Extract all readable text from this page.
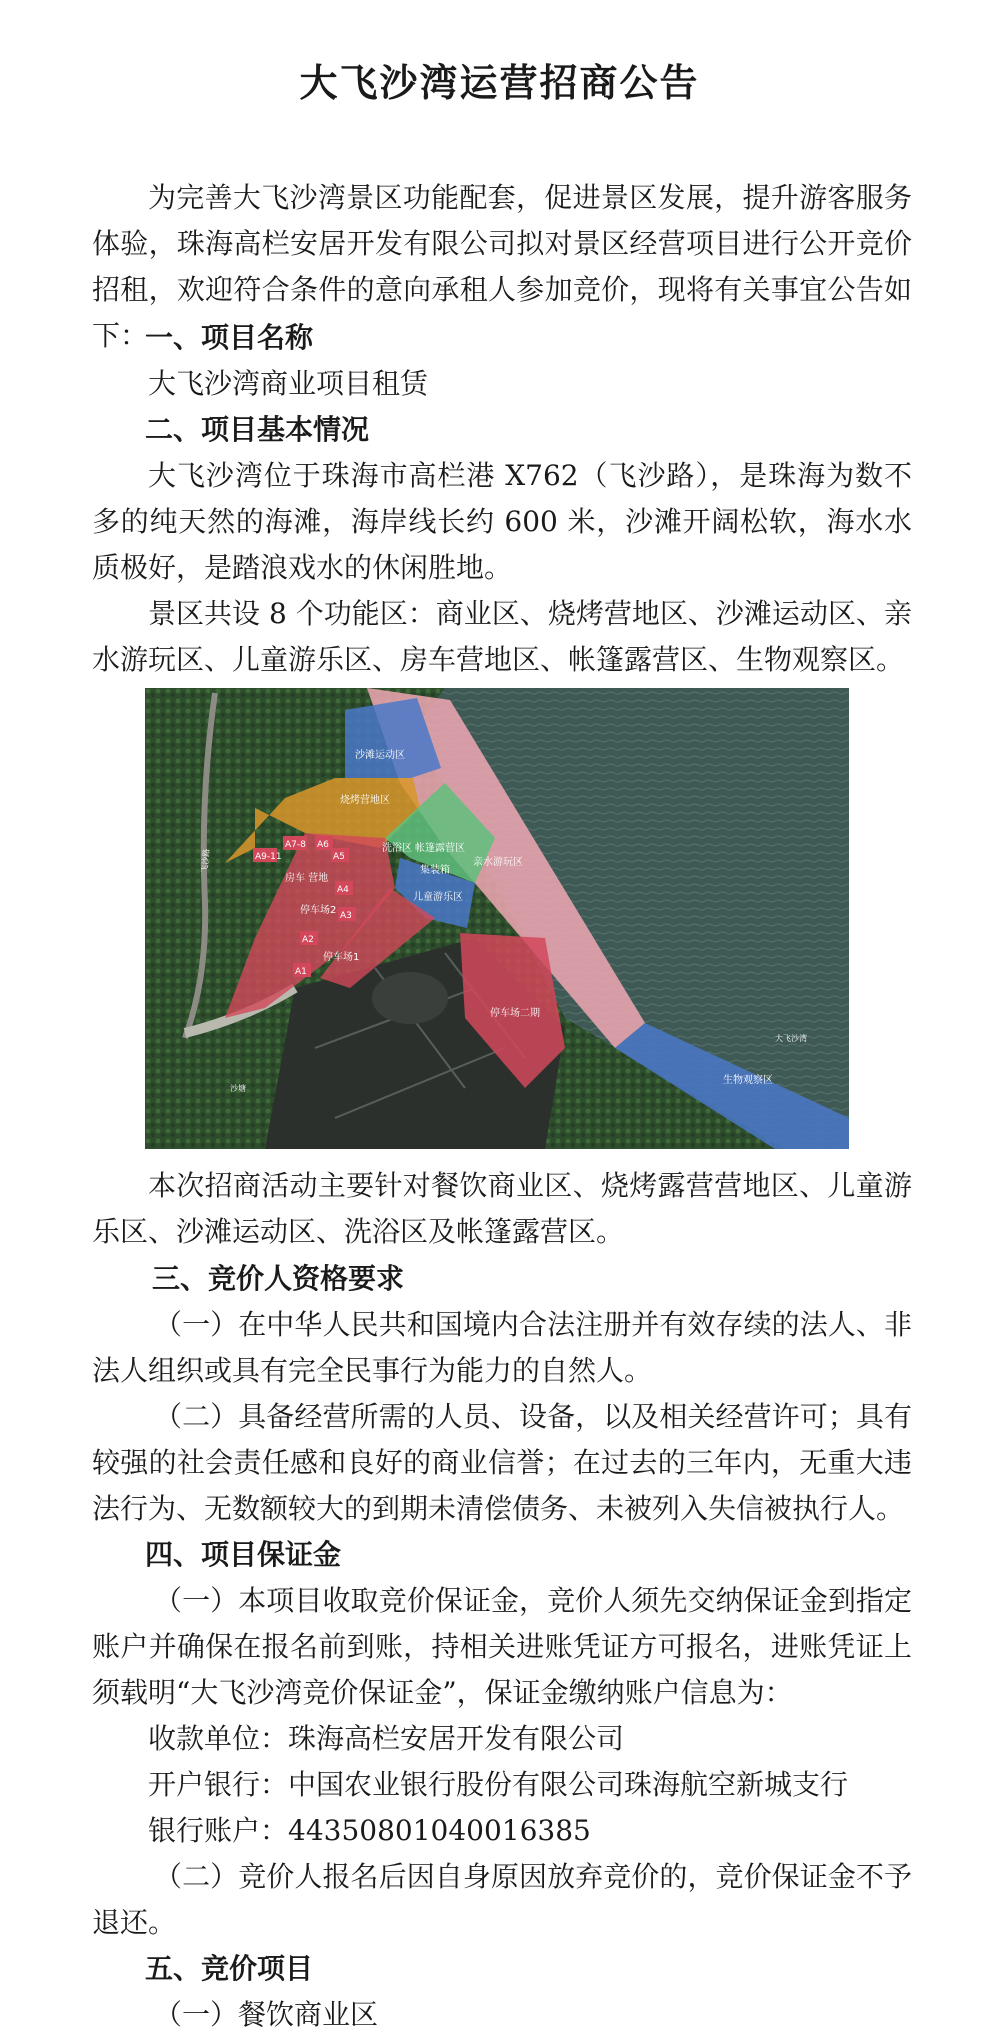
大飞沙湾运营招商公告

为完善大飞沙湾景区功能配套，促进景区发展，提升游客服务体验，珠海高栏安居开发有限公司拟对景区经营项目进行公开竞价招租，欢迎符合条件的意向承租人参加竞价，现将有关事宜公告如下：

一、项目名称

大飞沙湾商业项目租赁

二、项目基本情况

大飞沙湾位于珠海市高栏港 X762（飞沙路），是珠海为数不多的纯天然的海滩，海岸线长约 600 米，沙滩开阔松软，海水水质极好，是踏浪戏水的休闲胜地。

景区共设 8 个功能区：商业区、烧烤营地区、沙滩运动区、亲水游玩区、儿童游乐区、房车营地区、帐篷露营区、生物观察区。

沙滩运动区
烧烤营地区
A9-11
A7-8 A6
A5
A4
A3
A2
A1
房车 营地
洗浴区 帐篷露营区
亲水游玩区
集装箱
儿童游乐区
停车场2
停车场1
停车场二期
生物观察区
大飞沙湾
飞沙路
沙塘

本次招商活动主要针对餐饮商业区、烧烤露营营地区、儿童游乐区、沙滩运动区、洗浴区及帐篷露营区。

三、竞价人资格要求

（一）在中华人民共和国境内合法注册并有效存续的法人、非法人组织或具有完全民事行为能力的自然人。

（二）具备经营所需的人员、设备，以及相关经营许可；具有较强的社会责任感和良好的商业信誉；在过去的三年内，无重大违法行为、无数额较大的到期未清偿债务、未被列入失信被执行人。

四、项目保证金

（一）本项目收取竞价保证金，竞价人须先交纳保证金到指定账户并确保在报名前到账，持相关进账凭证方可报名，进账凭证上须载明“大飞沙湾竞价保证金”，保证金缴纳账户信息为：

收款单位：珠海高栏安居开发有限公司

开户银行：中国农业银行股份有限公司珠海航空新城支行

银行账户：44350801040016385

（二）竞价人报名后因自身原因放弃竞价的，竞价保证金不予退还。

五、竞价项目

（一）餐饮商业区
